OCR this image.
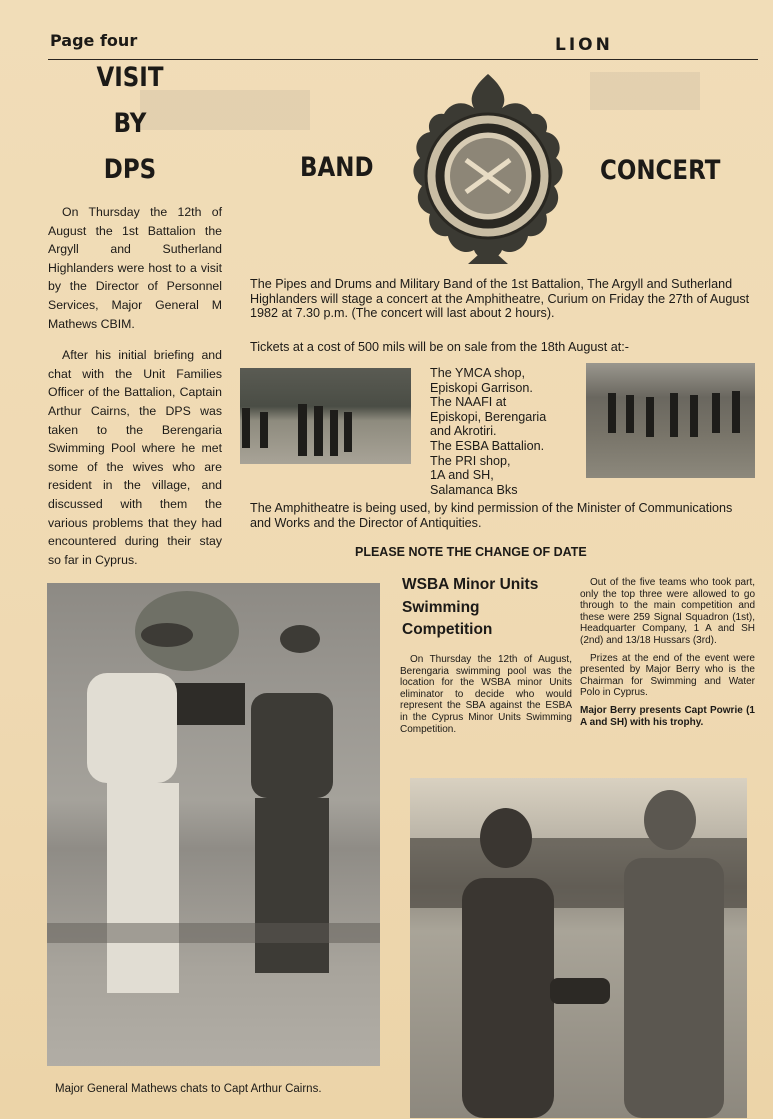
Page four	LION
VISIT
BY
DPS

On Thursday the 12th of August the 1st Battalion the Argyll and Sutherland Highlanders were host to a visit by the Director of Personnel Services, Major General M Mathews CBIM.

After his initial briefing and chat with the Unit Families Officer of the Battalion, Captain Arthur Cairns, the DPS was taken to the Berengaria Swimming Pool where he met some of the wives who are resident in the village, and discussed with them the various problems that they had encountered during their stay so far in Cyprus.

BAND	CONCERT
The Pipes and Drums and Military Band of the 1st Battalion, The Argyll and Sutherland Highlanders will stage a concert at the Amphitheatre, Curium on Friday the 27th of August 1982 at 7.30 p.m. (The concert will last about 2 hours).
Tickets at a cost of 500 mils will be on sale from the 18th August at:-
The YMCA shop,
Episkopi Garrison.
The NAAFI at
Episkopi, Berengaria
and Akrotiri.
The ESBA Battalion.
The PRI shop,
1A and SH,
Salamanca Bks
The Amphitheatre is being used, by kind permission of the Minister of Communications and Works and the Director of Antiquities.
PLEASE NOTE THE CHANGE OF DATE
Major General Mathews chats to Capt Arthur Cairns.
WSBA Minor Units Swimming Competition

On Thursday the 12th of August, Berengaria swimming pool was the location for the WSBA minor Units eliminator to decide who would represent the SBA against the ESBA in the Cyprus Minor Units Swimming Competition.

Out of the five teams who took part, only the top three were allowed to go through to the main competition and these were 259 Signal Squadron (1st), Headquarter Company, 1 A and SH (2nd) and 13/18 Hussars (3rd).

Prizes at the end of the event were presented by Major Berry who is the Chairman for Swimming and Water Polo in Cyprus.

Major Berry presents Capt Powrie (1 A and SH) with his trophy.
